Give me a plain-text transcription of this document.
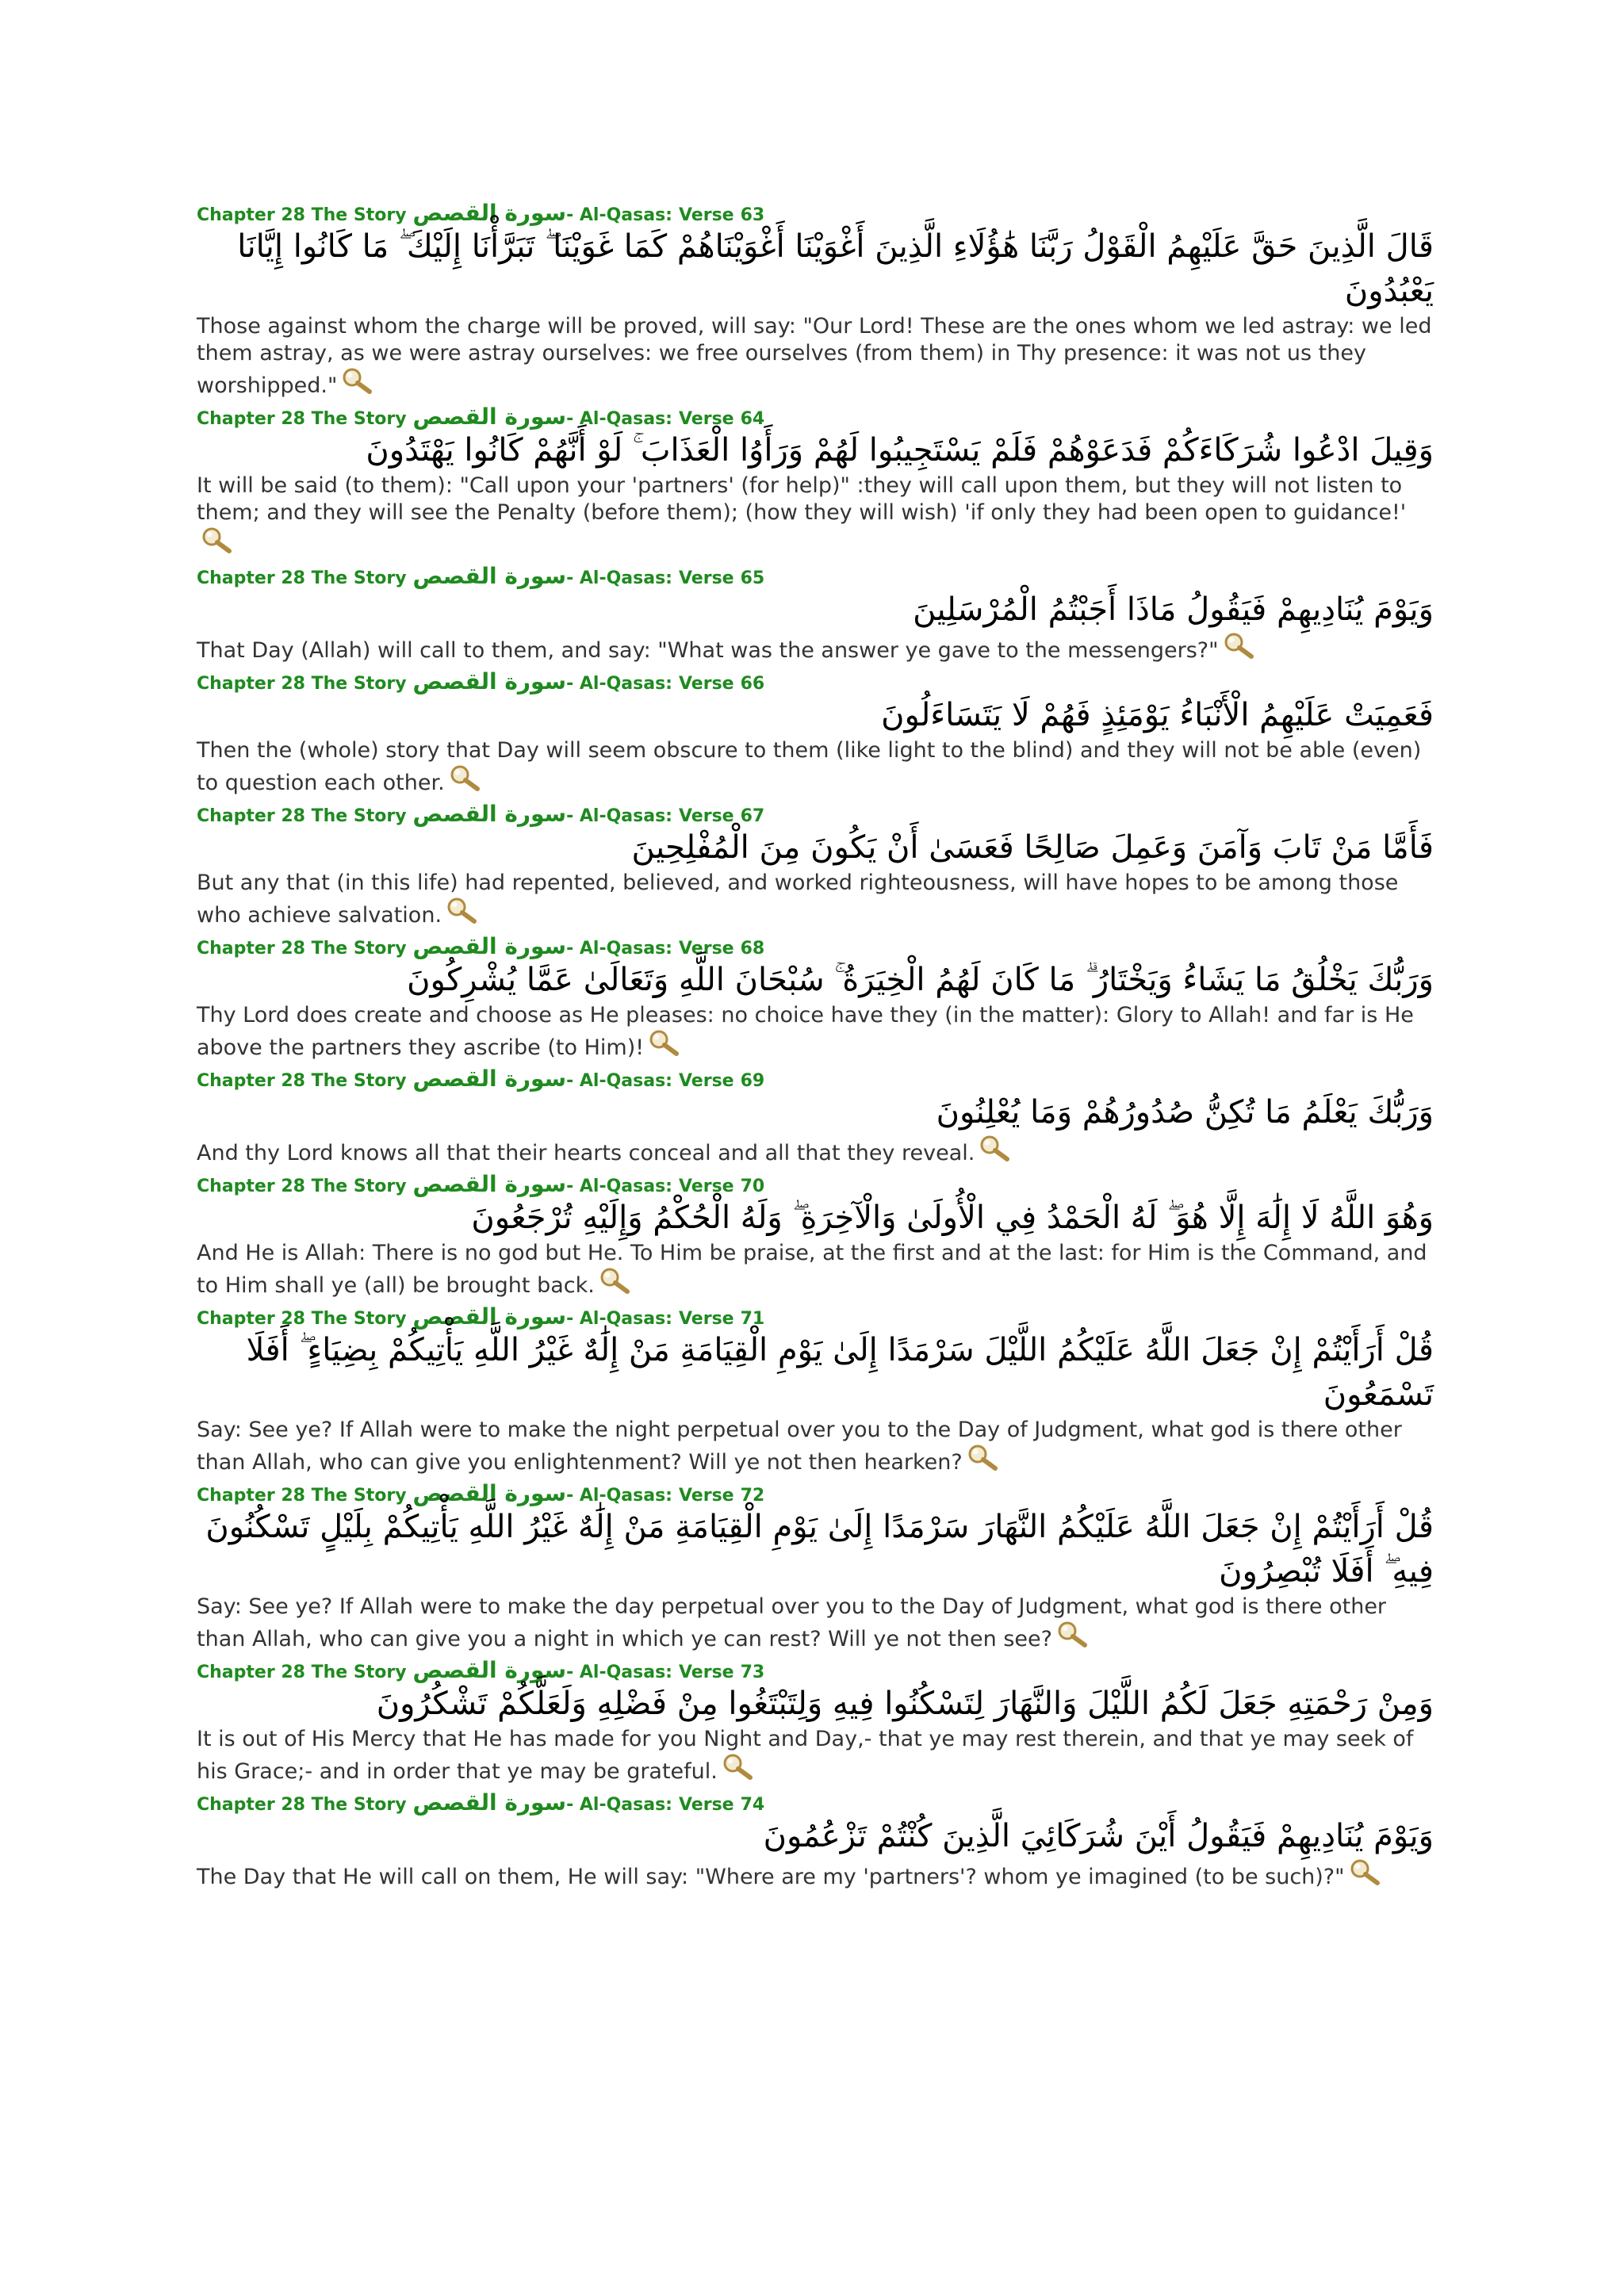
Chapter 28 The Story سورة القصص - Al-Qasas: Verse 63
قَالَ الَّذِينَ حَقَّ عَلَيْهِمُ الْقَوْلُ رَبَّنَا هَٰؤُلَاءِ الَّذِينَ أَغْوَيْنَا أَغْوَيْنَاهُمْ كَمَا غَوَيْنَا ۖ تَبَرَّأْنَا إِلَيْكَ ۖ مَا كَانُوا إِيَّانَا يَعْبُدُونَ
Those against whom the charge will be proved, will say: "Our Lord! These are the ones whom we led astray: we led them astray, as we were astray ourselves: we free ourselves (from them) in Thy presence: it was not us they worshipped."
Chapter 28 The Story سورة القصص - Al-Qasas: Verse 64
وَقِيلَ ادْعُوا شُرَكَاءَكُمْ فَدَعَوْهُمْ فَلَمْ يَسْتَجِيبُوا لَهُمْ وَرَأَوُا الْعَذَابَ ۚ لَوْ أَنَّهُمْ كَانُوا يَهْتَدُونَ
It will be said (to them): "Call upon your 'partners' (for help)" :they will call upon them, but they will not listen to them; and they will see the Penalty (before them); (how they will wish) 'if only they had been open to guidance!'
Chapter 28 The Story سورة القصص - Al-Qasas: Verse 65
وَيَوْمَ يُنَادِيهِمْ فَيَقُولُ مَاذَا أَجَبْتُمُ الْمُرْسَلِينَ
That Day (Allah) will call to them, and say: "What was the answer ye gave to the messengers?"
Chapter 28 The Story سورة القصص - Al-Qasas: Verse 66
فَعَمِيَتْ عَلَيْهِمُ الْأَنْبَاءُ يَوْمَئِذٍ فَهُمْ لَا يَتَسَاءَلُونَ
Then the (whole) story that Day will seem obscure to them (like light to the blind) and they will not be able (even) to question each other.
Chapter 28 The Story سورة القصص - Al-Qasas: Verse 67
فَأَمَّا مَنْ تَابَ وَآمَنَ وَعَمِلَ صَالِحًا فَعَسَىٰ أَنْ يَكُونَ مِنَ الْمُفْلِحِينَ
But any that (in this life) had repented, believed, and worked righteousness, will have hopes to be among those who achieve salvation.
Chapter 28 The Story سورة القصص - Al-Qasas: Verse 68
وَرَبُّكَ يَخْلُقُ مَا يَشَاءُ وَيَخْتَارُ ۗ مَا كَانَ لَهُمُ الْخِيَرَةُ ۚ سُبْحَانَ اللَّهِ وَتَعَالَىٰ عَمَّا يُشْرِكُونَ
Thy Lord does create and choose as He pleases: no choice have they (in the matter): Glory to Allah! and far is He above the partners they ascribe (to Him)!
Chapter 28 The Story سورة القصص - Al-Qasas: Verse 69
وَرَبُّكَ يَعْلَمُ مَا تُكِنُّ صُدُورُهُمْ وَمَا يُعْلِنُونَ
And thy Lord knows all that their hearts conceal and all that they reveal.
Chapter 28 The Story سورة القصص - Al-Qasas: Verse 70
وَهُوَ اللَّهُ لَا إِلَٰهَ إِلَّا هُوَ ۖ لَهُ الْحَمْدُ فِي الْأُولَىٰ وَالْآخِرَةِ ۖ وَلَهُ الْحُكْمُ وَإِلَيْهِ تُرْجَعُونَ
And He is Allah: There is no god but He. To Him be praise, at the first and at the last: for Him is the Command, and to Him shall ye (all) be brought back.
Chapter 28 The Story سورة القصص - Al-Qasas: Verse 71
قُلْ أَرَأَيْتُمْ إِنْ جَعَلَ اللَّهُ عَلَيْكُمُ اللَّيْلَ سَرْمَدًا إِلَىٰ يَوْمِ الْقِيَامَةِ مَنْ إِلَٰهٌ غَيْرُ اللَّهِ يَأْتِيكُمْ بِضِيَاءٍ ۖ أَفَلَا تَسْمَعُونَ
Say: See ye? If Allah were to make the night perpetual over you to the Day of Judgment, what god is there other than Allah, who can give you enlightenment? Will ye not then hearken?
Chapter 28 The Story سورة القصص - Al-Qasas: Verse 72
قُلْ أَرَأَيْتُمْ إِنْ جَعَلَ اللَّهُ عَلَيْكُمُ النَّهَارَ سَرْمَدًا إِلَىٰ يَوْمِ الْقِيَامَةِ مَنْ إِلَٰهٌ غَيْرُ اللَّهِ يَأْتِيكُمْ بِلَيْلٍ تَسْكُنُونَ فِيهِ ۖ أَفَلَا تُبْصِرُونَ
Say: See ye? If Allah were to make the day perpetual over you to the Day of Judgment, what god is there other than Allah, who can give you a night in which ye can rest? Will ye not then see?
Chapter 28 The Story سورة القصص - Al-Qasas: Verse 73
وَمِنْ رَحْمَتِهِ جَعَلَ لَكُمُ اللَّيْلَ وَالنَّهَارَ لِتَسْكُنُوا فِيهِ وَلِتَبْتَغُوا مِنْ فَضْلِهِ وَلَعَلَّكُمْ تَشْكُرُونَ
It is out of His Mercy that He has made for you Night and Day,- that ye may rest therein, and that ye may seek of his Grace;- and in order that ye may be grateful.
Chapter 28 The Story سورة القصص - Al-Qasas: Verse 74
وَيَوْمَ يُنَادِيهِمْ فَيَقُولُ أَيْنَ شُرَكَائِيَ الَّذِينَ كُنْتُمْ تَزْعُمُونَ
The Day that He will call on them, He will say: "Where are my 'partners'? whom ye imagined (to be such)?"
